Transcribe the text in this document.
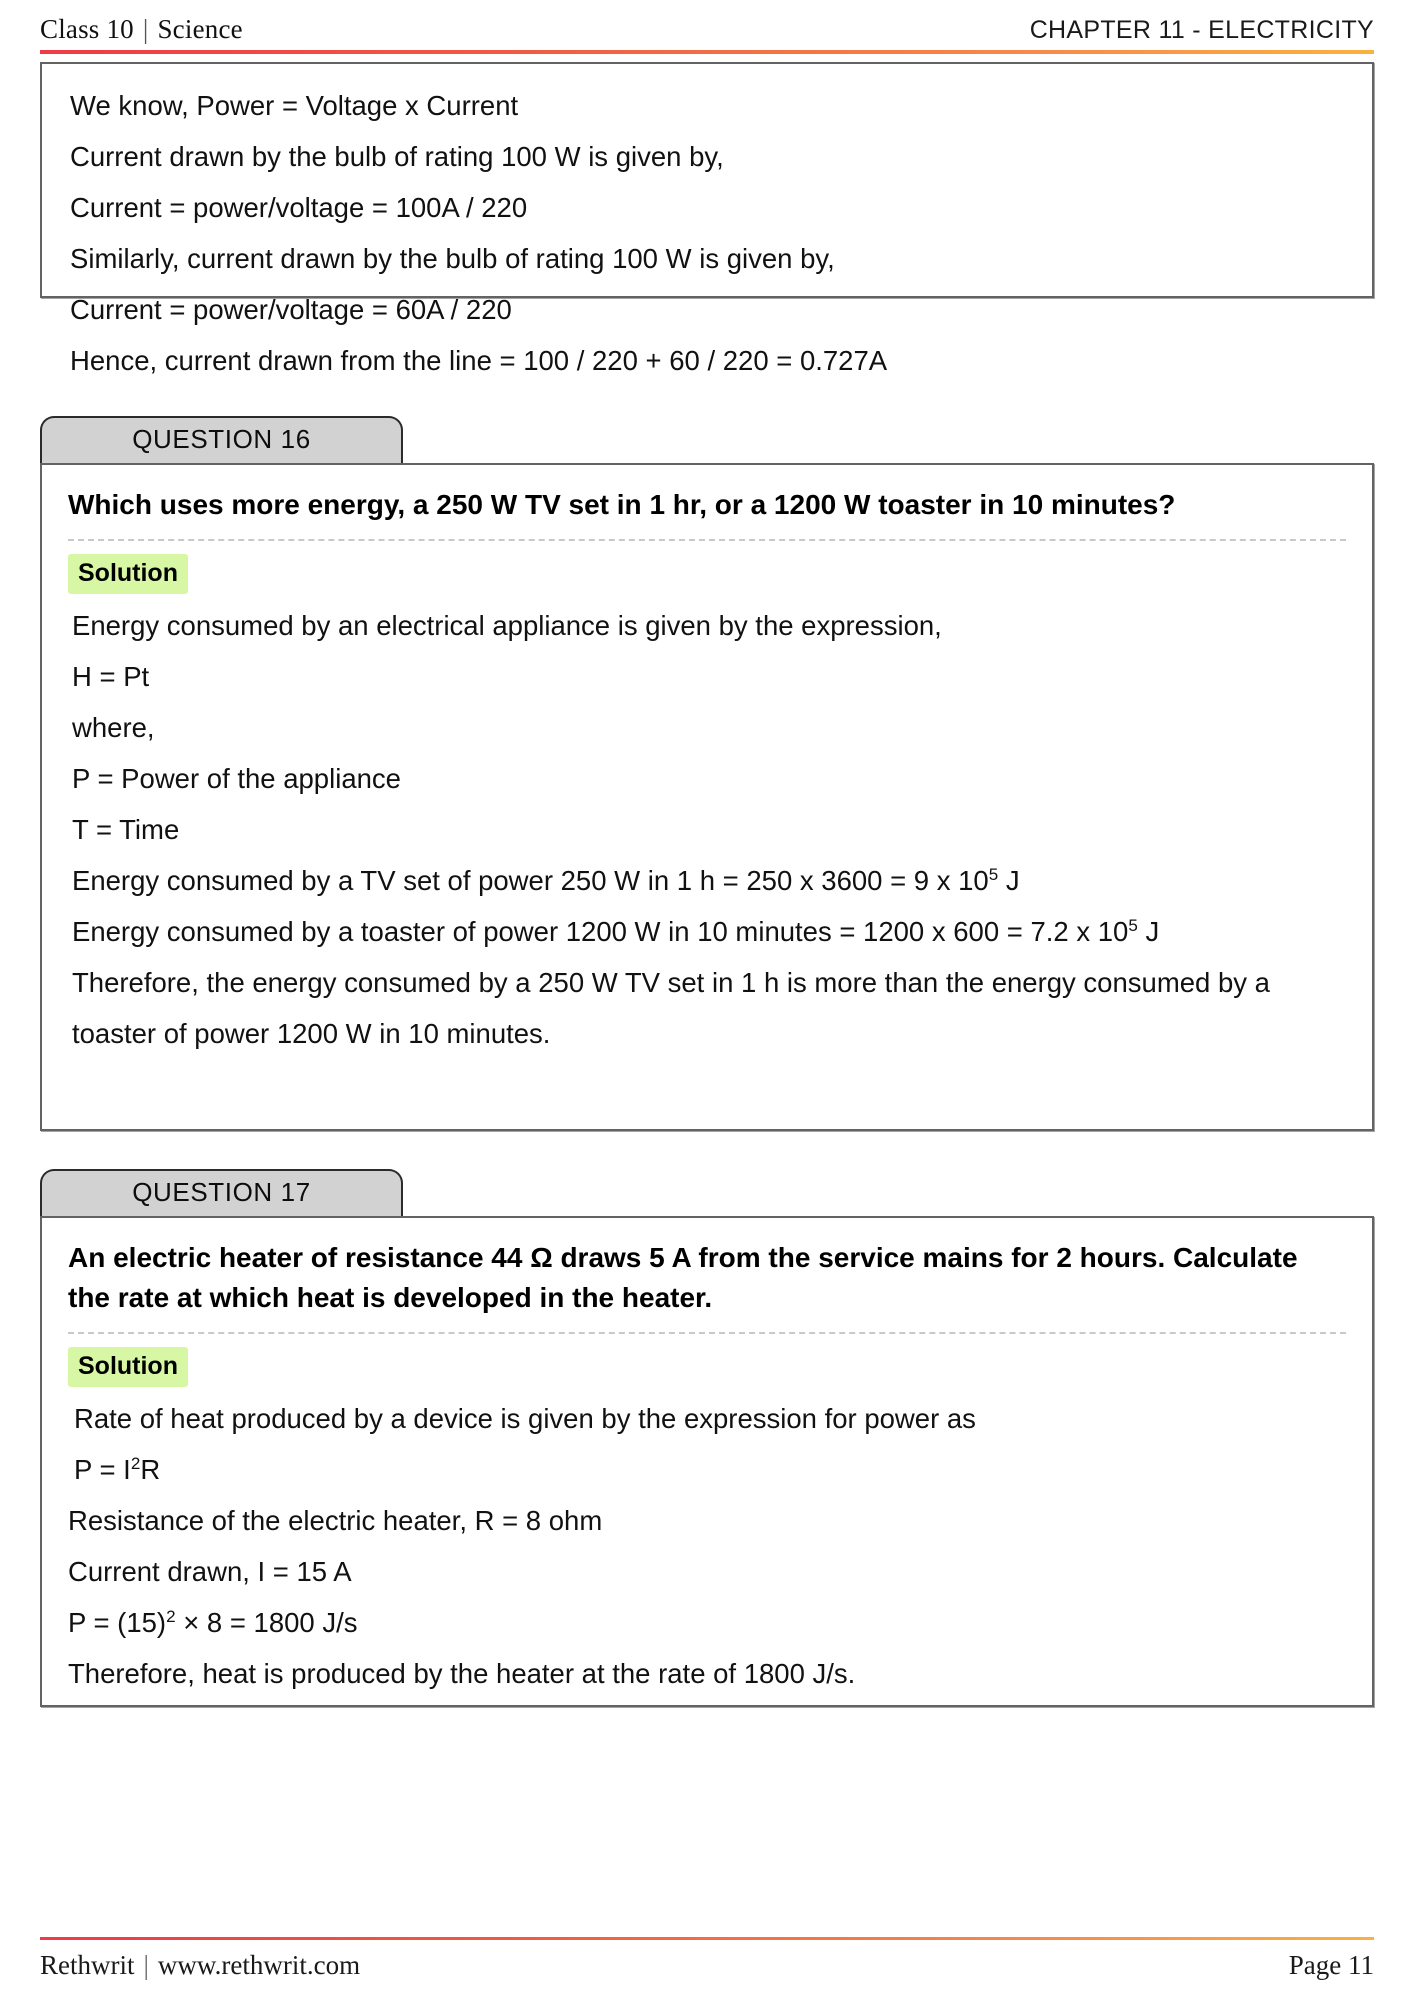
Class 10 | Science	CHAPTER 11 - ELECTRICITY
We know, Power = Voltage x Current
Current drawn by the bulb of rating 100 W is given by,
Current = power/voltage = 100A / 220
Similarly, current drawn by the bulb of rating 100 W is given by,
Current = power/voltage = 60A / 220
Hence, current drawn from the line = 100 / 220 + 60 / 220 = 0.727A
QUESTION 16
Which uses more energy, a 250 W TV set in 1 hr, or a 1200 W toaster in 10 minutes?
Solution
Energy consumed by an electrical appliance is given by the expression,
H = Pt
where,
P = Power of the appliance
T = Time
Energy consumed by a TV set of power 250 W in 1 h = 250 x 3600 = 9 x $10^5$ J
Energy consumed by a toaster of power 1200 W in 10 minutes = 1200 x 600 = 7.2 x $10^5$ J
Therefore, the energy consumed by a 250 W TV set in 1 h is more than the energy consumed by a toaster of power 1200 W in 10 minutes.
QUESTION 17
An electric heater of resistance 44 Ω draws 5 A from the service mains for 2 hours. Calculate the rate at which heat is developed in the heater.
Solution
Rate of heat produced by a device is given by the expression for power as
$P = I^2R$
Resistance of the electric heater, R = 8 ohm
Current drawn, I = 15 A
$P = (15)^2 \times 8 = 1800$ J/s
Therefore, heat is produced by the heater at the rate of 1800 J/s.
Rethwrit | www.rethwrit.com	Page 11
